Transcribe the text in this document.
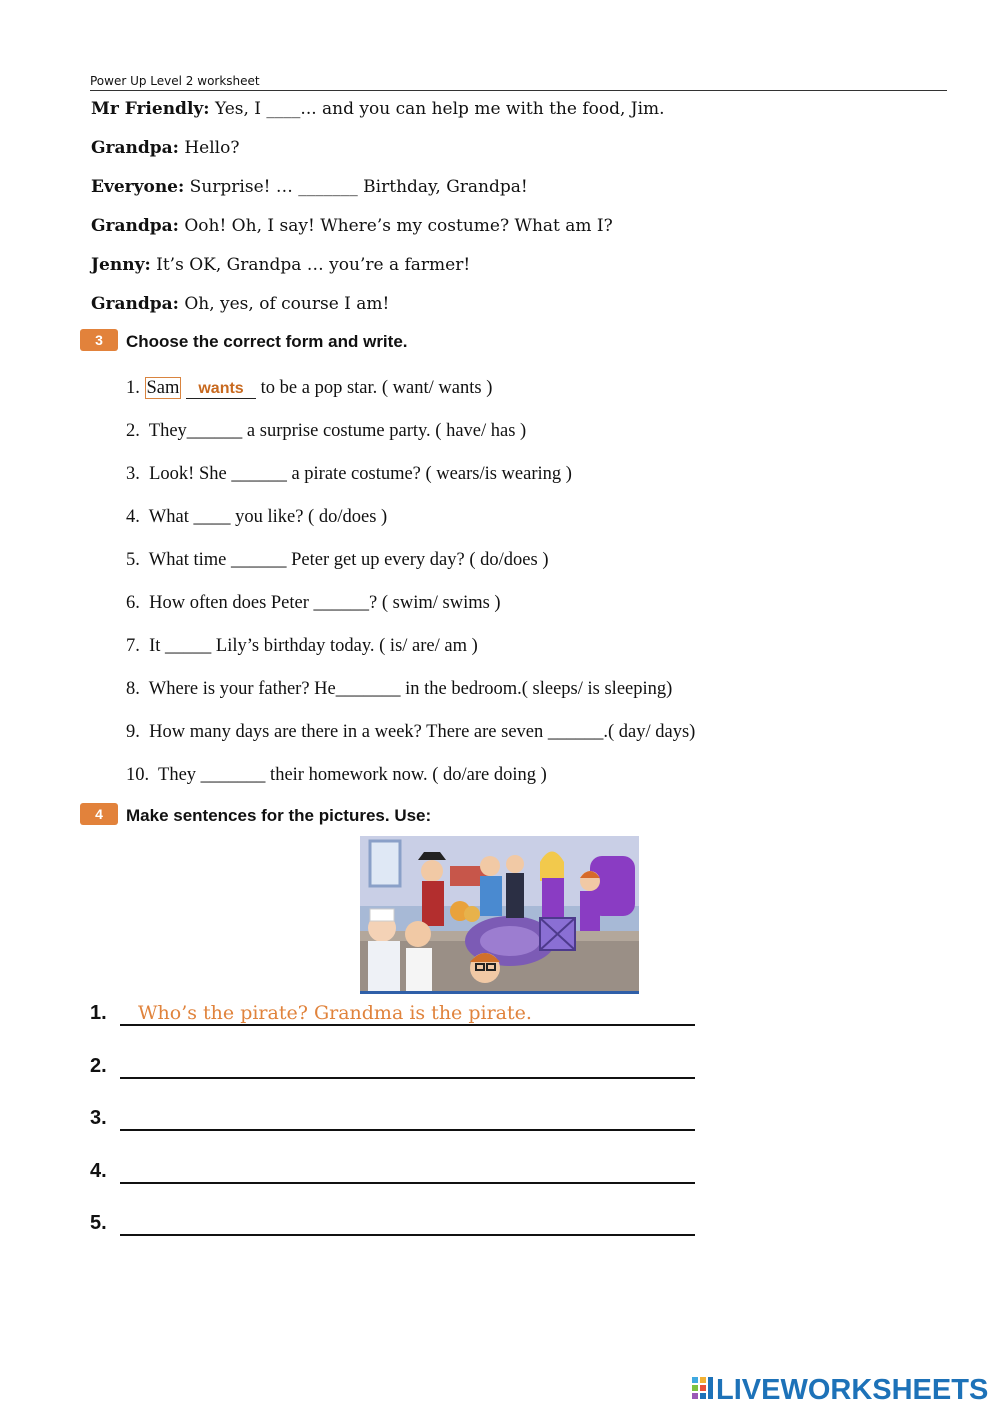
Power Up Level 2 worksheet
Mr Friendly: Yes, I ____... and you can help me with the food, Jim.
Grandpa: Hello?
Everyone: Surprise! … _______ Birthday, Grandpa!
Grandpa: Ooh! Oh, I say! Where’s my costume? What am I?
Jenny: It’s OK, Grandpa … you’re a farmer!
Grandpa: Oh, yes, of course I am!
3	Choose the correct form and write.
1. Sam wants to be a pop star. ( want/ wants )
2.  They______ a surprise costume party. ( have/ has )
3.  Look! She ______ a pirate costume? ( wears/is wearing )
4.  What ____ you like? ( do/does )
5.  What time ______ Peter get up every day? ( do/does )
6.  How often does Peter ______? ( swim/ swims )
7.  It _____ Lily’s birthday today. ( is/ are/ am )
8.  Where is your father? He_______ in the bedroom.( sleeps/ is sleeping)
9.  How many days are there in a week? There are seven ______.( day/ days)
10.  They _______ their homework now. ( do/are doing )
4	Make sentences for the pictures. Use:
1. Who’s the pirate? Grandma is the pirate.
2.
3.
4.
5.
LIVEWORKSHEETS
